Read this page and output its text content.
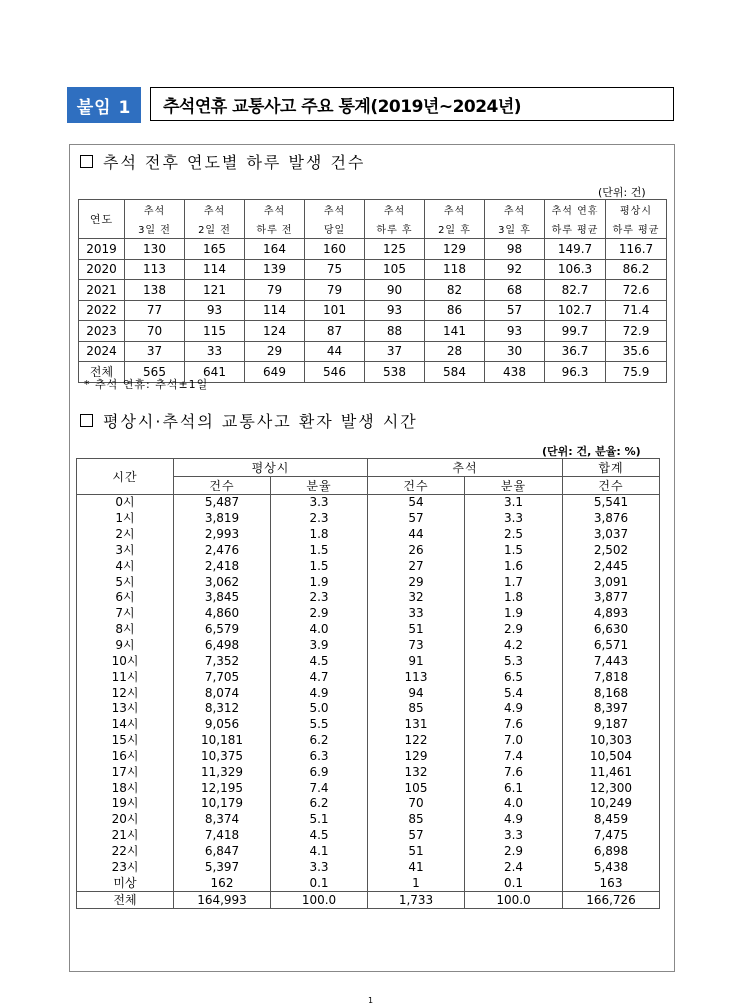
붙임 1	추석연휴 교통사고 주요 통계(2019년~2024년)
추석 전후 연도별 하루 발생 건수
(단위: 건)
연도	추석	추석	추석	추석	추석	추석	추석	추석 연휴	평상시
	3일 전	2일 전	하루 전	당일	하루 후	2일 후	3일 후	하루 평균	하루 평균
2019	130	165	164	160	125	129	98	149.7	116.7
2020	113	114	139	75	105	118	92	106.3	86.2
2021	138	121	79	79	90	82	68	82.7	72.6
2022	77	93	114	101	93	86	57	102.7	71.4
2023	70	115	124	87	88	141	93	99.7	72.9
2024	37	33	29	44	37	28	30	36.7	35.6
전체	565	641	649	546	538	584	438	96.3	75.9
* 추석 연휴: 추석±1일
평상시·추석의 교통사고 환자 발생 시간
(단위: 건, 분율: %)
시간	평상시		추석		합계
	건수	분율	건수	분율	건수
0시	5,487	3.3	54	3.1	5,541
1시	3,819	2.3	57	3.3	3,876
2시	2,993	1.8	44	2.5	3,037
3시	2,476	1.5	26	1.5	2,502
4시	2,418	1.5	27	1.6	2,445
5시	3,062	1.9	29	1.7	3,091
6시	3,845	2.3	32	1.8	3,877
7시	4,860	2.9	33	1.9	4,893
8시	6,579	4.0	51	2.9	6,630
9시	6,498	3.9	73	4.2	6,571
10시	7,352	4.5	91	5.3	7,443
11시	7,705	4.7	113	6.5	7,818
12시	8,074	4.9	94	5.4	8,168
13시	8,312	5.0	85	4.9	8,397
14시	9,056	5.5	131	7.6	9,187
15시	10,181	6.2	122	7.0	10,303
16시	10,375	6.3	129	7.4	10,504
17시	11,329	6.9	132	7.6	11,461
18시	12,195	7.4	105	6.1	12,300
19시	10,179	6.2	70	4.0	10,249
20시	8,374	5.1	85	4.9	8,459
21시	7,418	4.5	57	3.3	7,475
22시	6,847	4.1	51	2.9	6,898
23시	5,397	3.3	41	2.4	5,438
미상	162	0.1	1	0.1	163
전체	164,993	100.0	1,733	100.0	166,726
1
